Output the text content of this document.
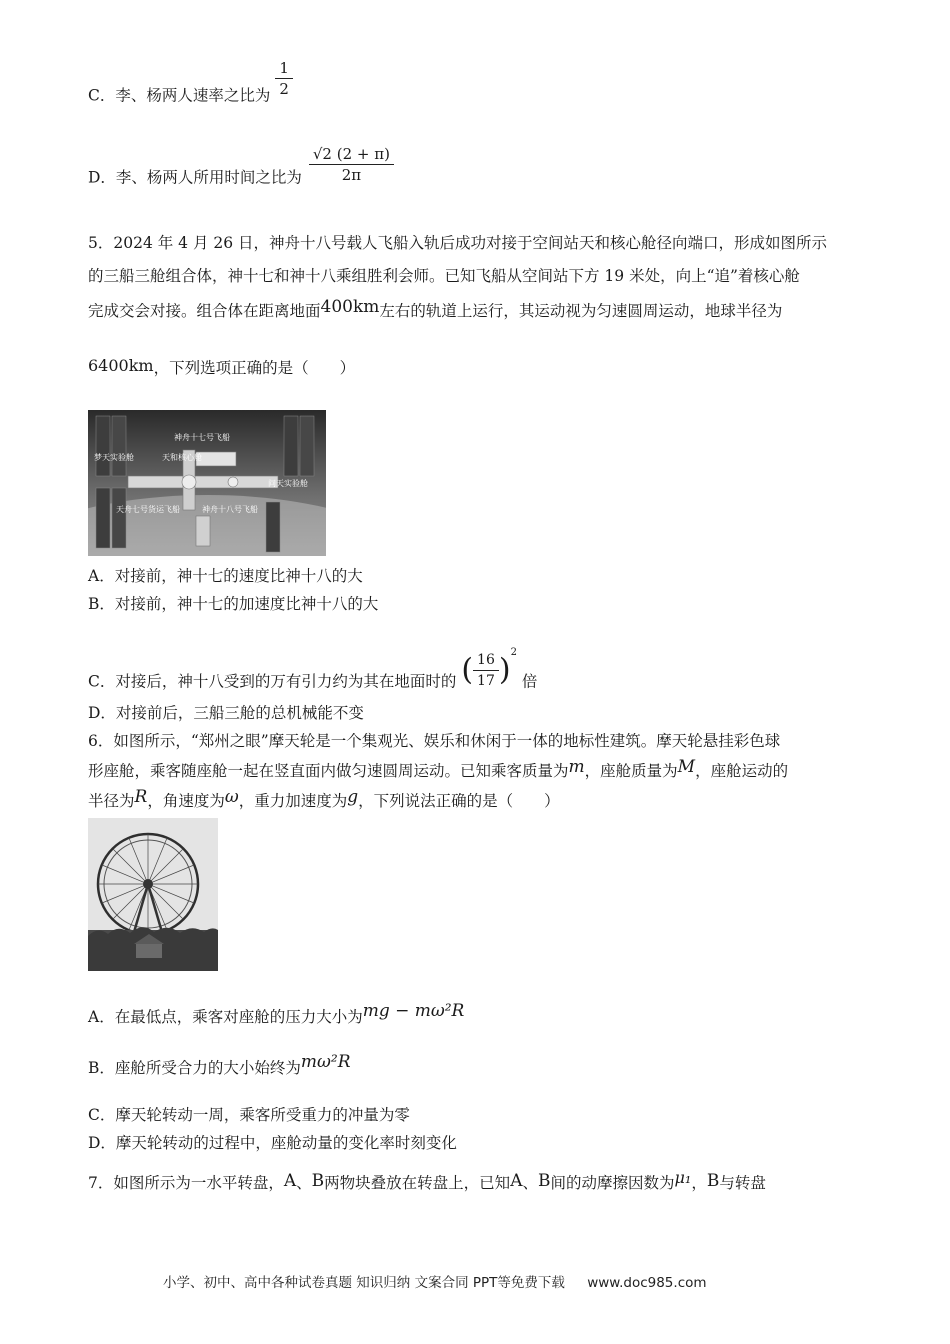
C．李、杨两人速率之比为 $\frac{1}{2}$
D．李、杨两人所用时间之比为 $\frac{√2 (2 + \pi)}{2\pi}$
5．2024 年 4 月 26 日，神舟十八号载人飞船入轨后成功对接于空间站天和核心舱径向端口，形成如图所示
的三船三舱组合体，神十七和神十八乘组胜利会师。已知飞船从空间站下方 19 米处，向上“追”着核心舱
完成交会对接。组合体在距离地面400km左右的轨道上运行，其运动视为匀速圆周运动，地球半径为
6400km，下列选项正确的是（　　）
神舟十七号飞船
梦天实验舱	天和核心舱
问天实验舱
天舟七号货运飞船	神舟十八号飞船
A．对接前，神十七的速度比神十八的大
B．对接前，神十七的加速度比神十八的大
C．对接后，神十八受到的万有引力约为其在地面时的 ( $\frac{16}{17} )^2$ 倍
D．对接前后，三船三舱的总机械能不变
6．如图所示，“郑州之眼”摩天轮是一个集观光、娱乐和休闲于一体的地标性建筑。摩天轮悬挂彩色球
形座舱，乘客随座舱一起在竖直面内做匀速圆周运动。已知乘客质量为m，座舱质量为M，座舱运动的
半径为R，角速度为ω，重力加速度为g，下列说法正确的是（　　）
A．在最低点，乘客对座舱的压力大小为mg − mω²R
B．座舱所受合力的大小始终为mω²R
C．摩天轮转动一周，乘客所受重力的冲量为零
D．摩天轮转动的过程中，座舱动量的变化率时刻变化
7．如图所示为一水平转盘，A、B两物块叠放在转盘上，已知A、B间的动摩擦因数为μ₁，B与转盘
小学、初中、高中各种试卷真题 知识归纳 文案合同 PPT等免费下载 www.doc985.com
